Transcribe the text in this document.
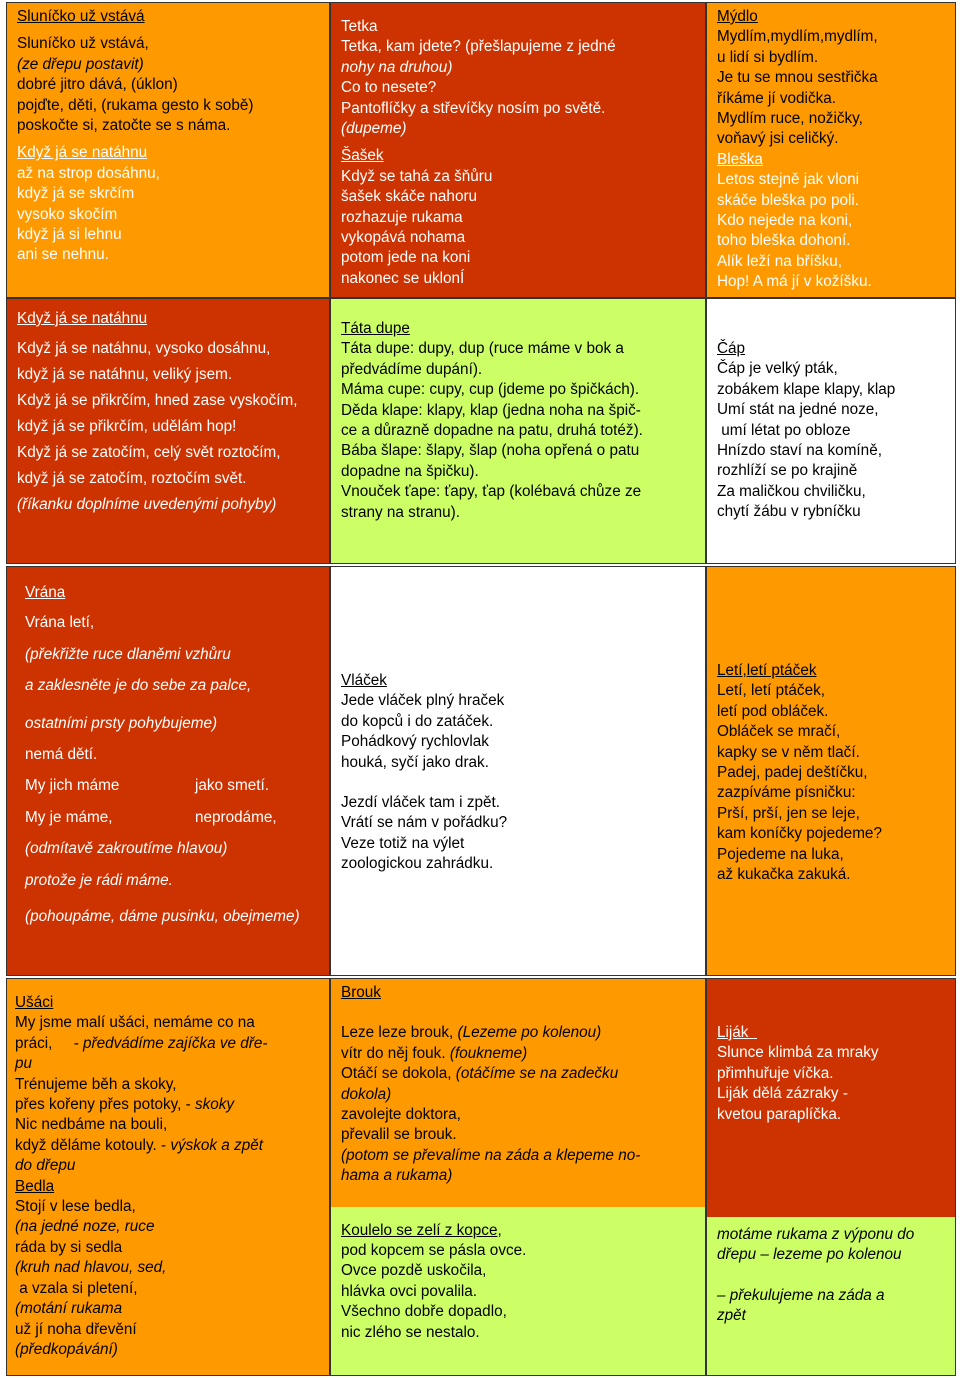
Sluníčko už vstává
Sluníčko už vstává,
(ze dřepu postavit)
dobré jitro dává, (úklon)
pojďte, děti, (rukama gesto k sobě)
poskočte si, zatočte se s náma.
Když já se natáhnu
až na strop dosáhnu,
když já se skrčím
vysoko skočím
když já si lehnu
ani se nehnu.
Tetka
Tetka, kam jdete? (přešlapujeme z jedné
nohy na druhou)
Co to nesete?
Pantoflíčky a střevíčky nosím po světě.
(dupeme)
Šašek
Když se tahá za šňůru
šašek skáče nahoru
rozhazuje rukama
vykopává nohama
potom jede na koni
nakonec se uklonÍ
Mýdlo
Mydlím,mydlím,mydlím,
u lidí si bydlím.
Je tu se mnou sestřička
říkáme jí vodička.
Mydlím ruce, nožičky,
voňavý jsi celičký.
Bleška
Letos stejně jak vloni
skáče bleška po poli.
Kdo nejede na koni,
toho bleška dohoní.
Alík leží na bříšku,
Hop! A má jí v kožíšku.
Když já se natáhnu
Když já se natáhnu, vysoko dosáhnu,
když já se natáhnu, veliký jsem.
Když já se přikrčím, hned zase vyskočím,
když já se přikrčím, udělám hop!
Když já se zatočím, celý svět roztočím,
když já se zatočím, roztočím svět.
(říkanku doplníme uvedenými pohyby)
Táta dupe
Táta dupe: dupy, dup (ruce máme v bok a
předvádíme dupání).
Máma cupe: cupy, cup (jdeme po špičkách).
Děda klape: klapy, klap (jedna noha na špič-
ce a důrazně dopadne na patu, druhá totéž).
Bába šlape: šlapy, šlap (noha opřená o patu
dopadne na špičku).
Vnouček ťape: ťapy, ťap (kolébavá chůze ze
strany na stranu).
Čáp
Čáp je velký pták,
zobákem klape klapy, klap
Umí stát na jedné noze,
umí létat po obloze
Hnízdo staví na komíně,
rozhlíží se po krajině
Za maličkou chviličku,
chytí žábu v rybníčku
Vrána
Vrána letí,
(překřižte ruce dlaněmi vzhůru
a zaklesněte je do sebe za palce,
ostatními prsty pohybujeme)
nemá dětí.
My jich máme	jako smetí.
My je máme,	neprodáme,
(odmítavě zakroutíme hlavou)
protože je rádi máme.
(pohoupáme, dáme pusinku, obejmeme)
Vláček
Jede vláček plný hraček
do kopců i do zatáček.
Pohádkový rychlovlak
houká, syčí jako drak.
Jezdí vláček tam i zpět.
Vrátí se nám v pořádku?
Veze totiž na výlet
zoologickou zahrádku.
Letí,letí ptáček
Letí, letí ptáček,
letí pod obláček.
Obláček se mračí,
kapky se v něm tlačí.
Padej, padej deštíčku,
zazpíváme písničku:
Prší, prší, jen se leje,
kam koníčky pojedeme?
Pojedeme na luka,
až kukačka zakuká.
Ušáci
My jsme malí ušáci, nemáme co na
práci,     - předvádíme zajíčka ve dře-
pu
Trénujeme běh a skoky,
přes kořeny přes potoky, - skoky
Nic nedbáme na bouli,
když děláme kotouly. - výskok a zpět
do dřepu
Bedla
Stojí v lese bedla,
(na jedné noze, ruce
ráda by si sedla
(kruh nad hlavou, sed,
a vzala si pletení,
(motání rukama
už jí noha dřevění
(předkopávání)
Brouk
Leze leze brouk, (Lezeme po kolenou)
vítr do něj fouk. (foukneme)
Otáčí se dokola, (otáčíme se na zadečku
dokola)
zavolejte doktora,
převalil se brouk.
(potom se převalíme na záda a klepeme no-
hama a rukama)
Koulelo se zelí z kopce,
pod kopcem se pásla ovce.
Ovce pozdě uskočila,
hlávka ovci povalila.
Všechno dobře dopadlo,
nic zlého se nestalo.
Liják
Slunce klimbá za mraky
přimhuřuje víčka.
Liják dělá zázraky -
kvetou paraplíčka.
motáme rukama z výponu do
dřepu – lezeme po kolenou
– překulujeme na záda a
zpět
